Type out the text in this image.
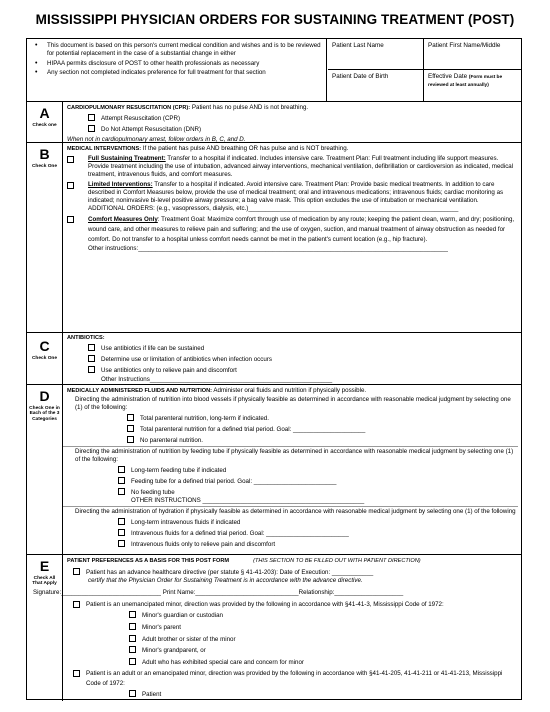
MISSISSIPPI PHYSICIAN ORDERS FOR SUSTAINING TREATMENT (POST)
• This document is based on this person's current medical condition and wishes and is to be reviewed for potential replacement in the case of a substantial change in either
• HIPAA permits disclosure of POST to other health professionals as necessary
• Any section not completed indicates preference for full treatment for that section
Patient Last Name	Patient First Name/Middle
Patient Date of Birth	Effective Date (Form must be reviewed at least annually)
A
Check one
CARDIOPULMONARY RESUSCITATION (CPR): Patient has no pulse AND is not breathing.
Attempt Resuscitation (CPR)
Do Not Attempt Resuscitation (DNR)
When not in cardiopulmonary arrest, follow orders in B, C, and D.
B
Check One
MEDICAL INTERVENTIONS: If the patient has pulse AND breathing OR has pulse and is NOT breathing.
Full Sustaining Treatment: Transfer to a hospital if indicated. Includes intensive care. Treatment Plan: Full treatment including life support measures. Provide treatment including the use of intubation, advanced airway interventions, mechanical ventilation, defibrillation or cardioversion as indicated, medical treatment, intravenous fluids, and comfort measures.
Limited Interventions: Transfer to a hospital if indicated. Avoid intensive care. Treatment Plan: Provide basic medical treatments. In addition to care described in Comfort Measures below, provide the use of medical treatment; oral and intravenous medications; intravenous fluids; cardiac monitoring as indicated; noninvasive bi-level positive airway pressure; a bag valve mask. This option excludes the use of intubation or mechanical ventilation.
ADDITIONAL ORDERS: (e.g., vasopressors, dialysis, etc.)_____________________________________________________________
Comfort Measures Only: Treatment Goal: Maximize comfort through use of medication by any route; keeping the patient clean, warm, and dry; positioning, wound care, and other measures to relieve pain and suffering; and the use of oxygen, suction, and manual treatment of airway obstruction as needed for comfort. Do not transfer to a hospital unless comfort needs cannot be met in the patient's current location (e.g., hip fracture).
Other instructions:__________________________________________________________________________________________
C
Check One
ANTIBIOTICS:
Use antibiotics if life can be sustained
Determine use or limitation of antibiotics when infection occurs
Use antibiotics only to relieve pain and discomfort
Other Instructions_____________________________________________________
D
Check One in Each of the 3 Categories
MEDICALLY ADMINISTERED FLUIDS AND NUTRITION: Administer oral fluids and nutrition if physically possible.
Directing the administration of nutrition into blood vessels if physically feasible as determined in accordance with reasonable medical judgment by selecting one (1) of the following:
Total parenteral nutrition, long-term if indicated.
Total parenteral nutrition for a defined trial period. Goal: _____________________
No parenteral nutrition.
Directing the administration of nutrition by feeding tube if physically feasible as determined in accordance with reasonable medical judgment by selecting one (1) of the following:
Long-term feeding tube if indicated
Feeding tube for a defined trial period. Goal: ________________________
No feeding tube
OTHER INSTRUCTIONS _______________________________________________
Directing the administration of hydration if physically feasible as determined in accordance with reasonable medical judgment by selecting one (1) of the following
Long-term intravenous fluids if indicated
Intravenous fluids for a defined trial period. Goal: ________________________
Intravenous fluids only to relieve pain and discomfort
E
Check All That Apply
PATIENT PREFERENCES AS A BASIS FOR THIS POST FORM	(THIS SECTION TO BE FILLED OUT WITH PATIENT DIRECTION)
Patient has an advance healthcare directive (per statute § 41-41-203): Date of Execution: ____________
certify that the Physician Order for Sustaining Treatment is in accordance with the advance directive.
Signature:_____________________________ Print Name:______________________________Relationship:____________________
Patient is an unemancipated minor, direction was provided by the following in accordance with §41-41-3, Mississippi Code of 1972:
Minor's guardian or custodian
Minor's parent
Adult brother or sister of the minor
Minor's grandparent, or
Adult who has exhibited special care and concern for minor
Patient is an adult or an emancipated minor, direction was provided by the following in accordance with §41-41-205, 41-41-211 or 41-41-213, Mississippi Code of 1972:
Patient
